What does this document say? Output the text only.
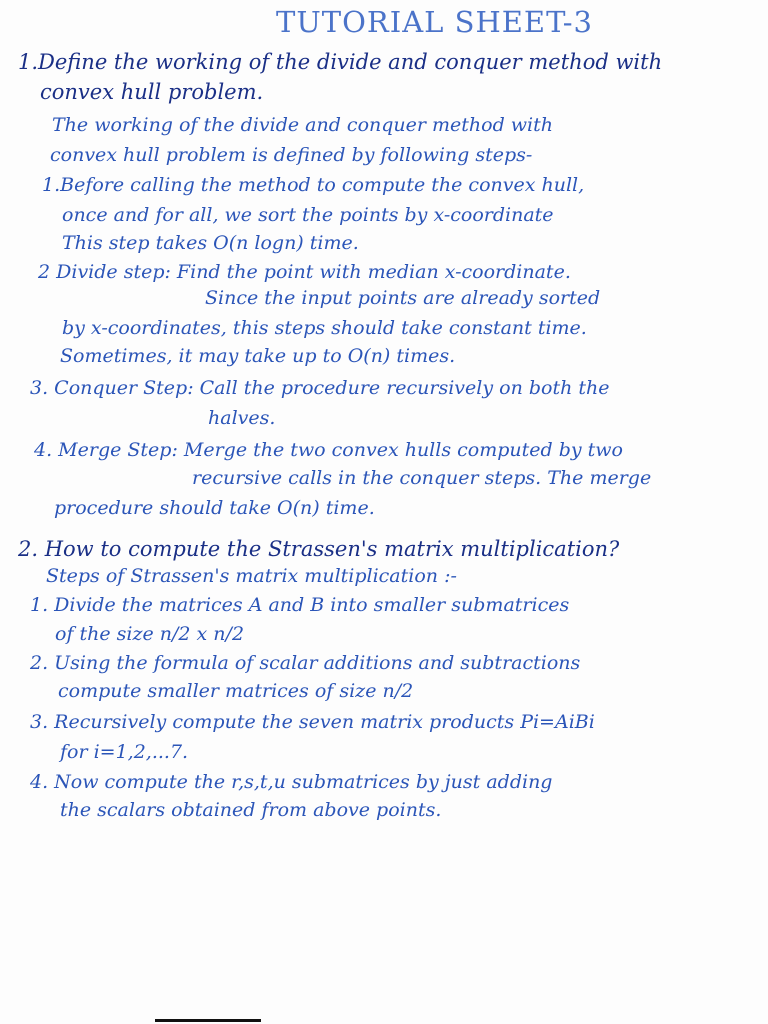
TUTORIAL SHEET-3
1.Define the working of the divide and conquer method with
convex hull problem.
The working of the divide and conquer method with
convex hull problem is defined by following steps-
1.Before calling the method to compute the convex hull,
once and for all, we sort the points by x-coordinate
This step takes O(n logn) time.
2 Divide step: Find the point with median x-coordinate.
Since the input points are already sorted
by x-coordinates, this steps should take constant time.
Sometimes, it may take up to O(n) times.
3. Conquer Step: Call the procedure recursively on both the
halves.
4. Merge Step: Merge the two convex hulls computed by two
recursive calls in the conquer steps. The merge
procedure should take O(n) time.
2. How to compute the Strassen's matrix multiplication?
Steps of Strassen's matrix multiplication :-
1. Divide the matrices A and B into smaller submatrices
of the size n/2 x n/2
2. Using the formula of scalar additions and subtractions
compute smaller matrices of size n/2
3. Recursively compute the seven matrix products Pi=AiBi
for i=1,2,...7.
4. Now compute the r,s,t,u submatrices by just adding
the scalars obtained from above points.
